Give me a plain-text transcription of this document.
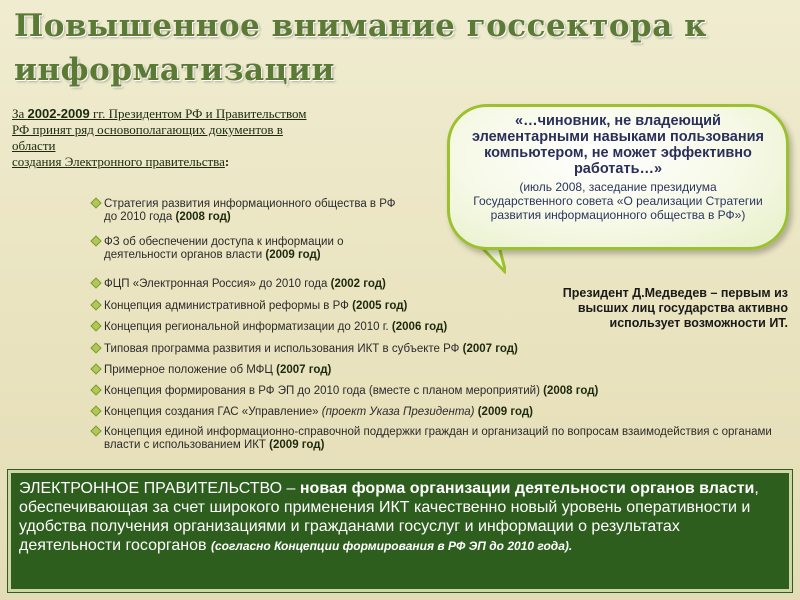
Повышенное внимание госсектора к информатизации
За 2002-2009 гг. Президентом РФ и Правительством
РФ принят ряд основополагающих документов в
области
создания Электронного правительства:
«…чиновник, не владеющий элементарными навыками пользования компьютером, не может эффективно работать…»
(июль 2008, заседание президиума Государственного совета «О реализации Стратегии развития информационного общества в РФ»)
Президент Д.Медведев – первым из высших лиц государства активно использует возможности ИТ.
Стратегия развития информационного общества в РФ до 2010 года (2008 год)
ФЗ об обеспечении доступа к информации о деятельности органов власти (2009 год)
ФЦП «Электронная Россия» до 2010 года (2002 год)
Концепция административной реформы в РФ (2005 год)
Концепция региональной информатизации до 2010 г. (2006 год)
Типовая программа развития и использования ИКТ в субъекте РФ (2007 год)
Примерное положение об МФЦ (2007 год)
Концепция формирования в РФ ЭП до 2010 года (вместе с планом мероприятий) (2008 год)
Концепция создания ГАС «Управление» (проект Указа Президента) (2009 год)
Концепция единой информационно-справочной поддержки граждан и организаций по вопросам взаимодействия с органами власти с использованием ИКТ (2009 год)
ЭЛЕКТРОННОЕ ПРАВИТЕЛЬСТВО – новая форма организации деятельности органов власти, обеспечивающая за счет широкого применения ИКТ качественно новый уровень оперативности и удобства получения организациями и гражданами госуслуг и информации о результатах деятельности госорганов (согласно Концепции формирования в РФ ЭП до 2010 года).
